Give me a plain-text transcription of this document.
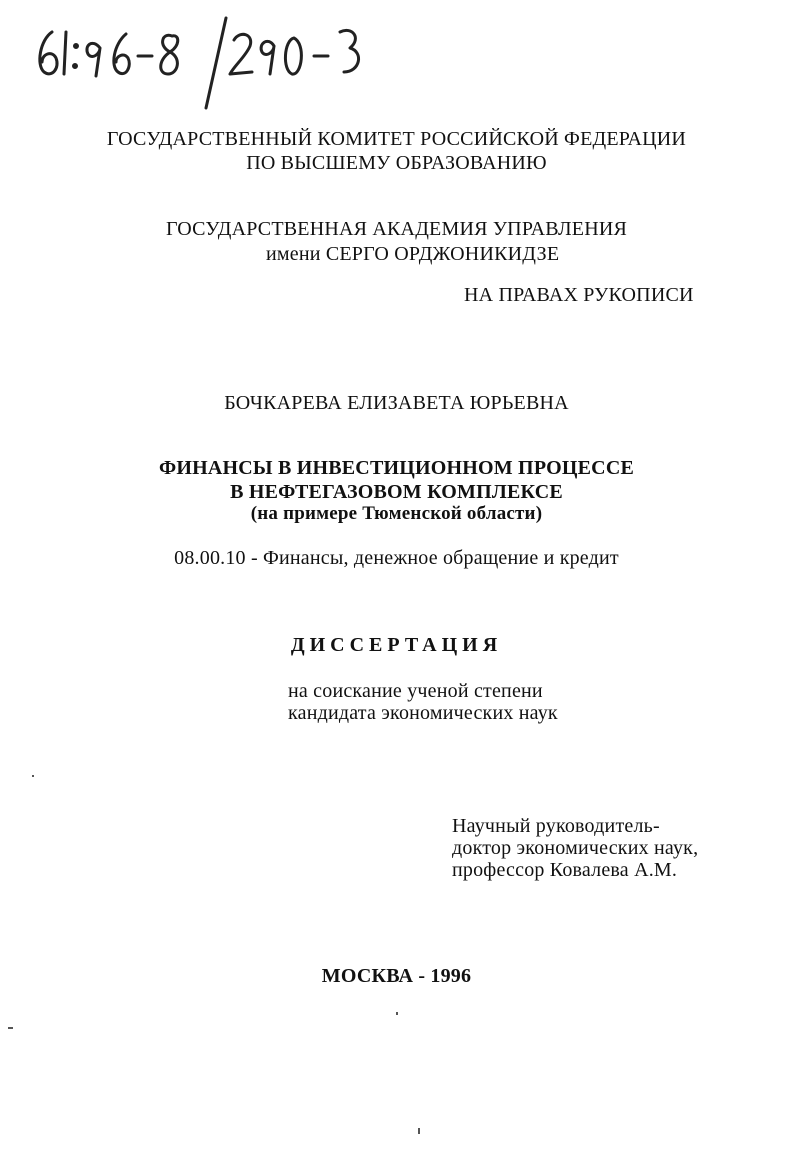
ГОСУДАРСТВЕННЫЙ КОМИТЕТ РОССИЙСКОЙ ФЕДЕРАЦИИ
ПО ВЫСШЕМУ ОБРАЗОВАНИЮ
ГОСУДАРСТВЕННАЯ АКАДЕМИЯ УПРАВЛЕНИЯ
имени СЕРГО ОРДЖОНИКИДЗЕ
НА ПРАВАХ РУКОПИСИ
БОЧКАРЕВА ЕЛИЗАВЕТА ЮРЬЕВНА
ФИНАНСЫ В ИНВЕСТИЦИОННОМ ПРОЦЕССЕ
В НЕФТЕГАЗОВОМ КОМПЛЕКСЕ
(на примере Тюменской области)
08.00.10 - Финансы, денежное обращение и кредит
ДИССЕРТАЦИЯ
на соискание ученой степени
кандидата экономических наук
Научный руководитель-
доктор экономических наук,
профессор Ковалева А.М.
МОСКВА - 1996
